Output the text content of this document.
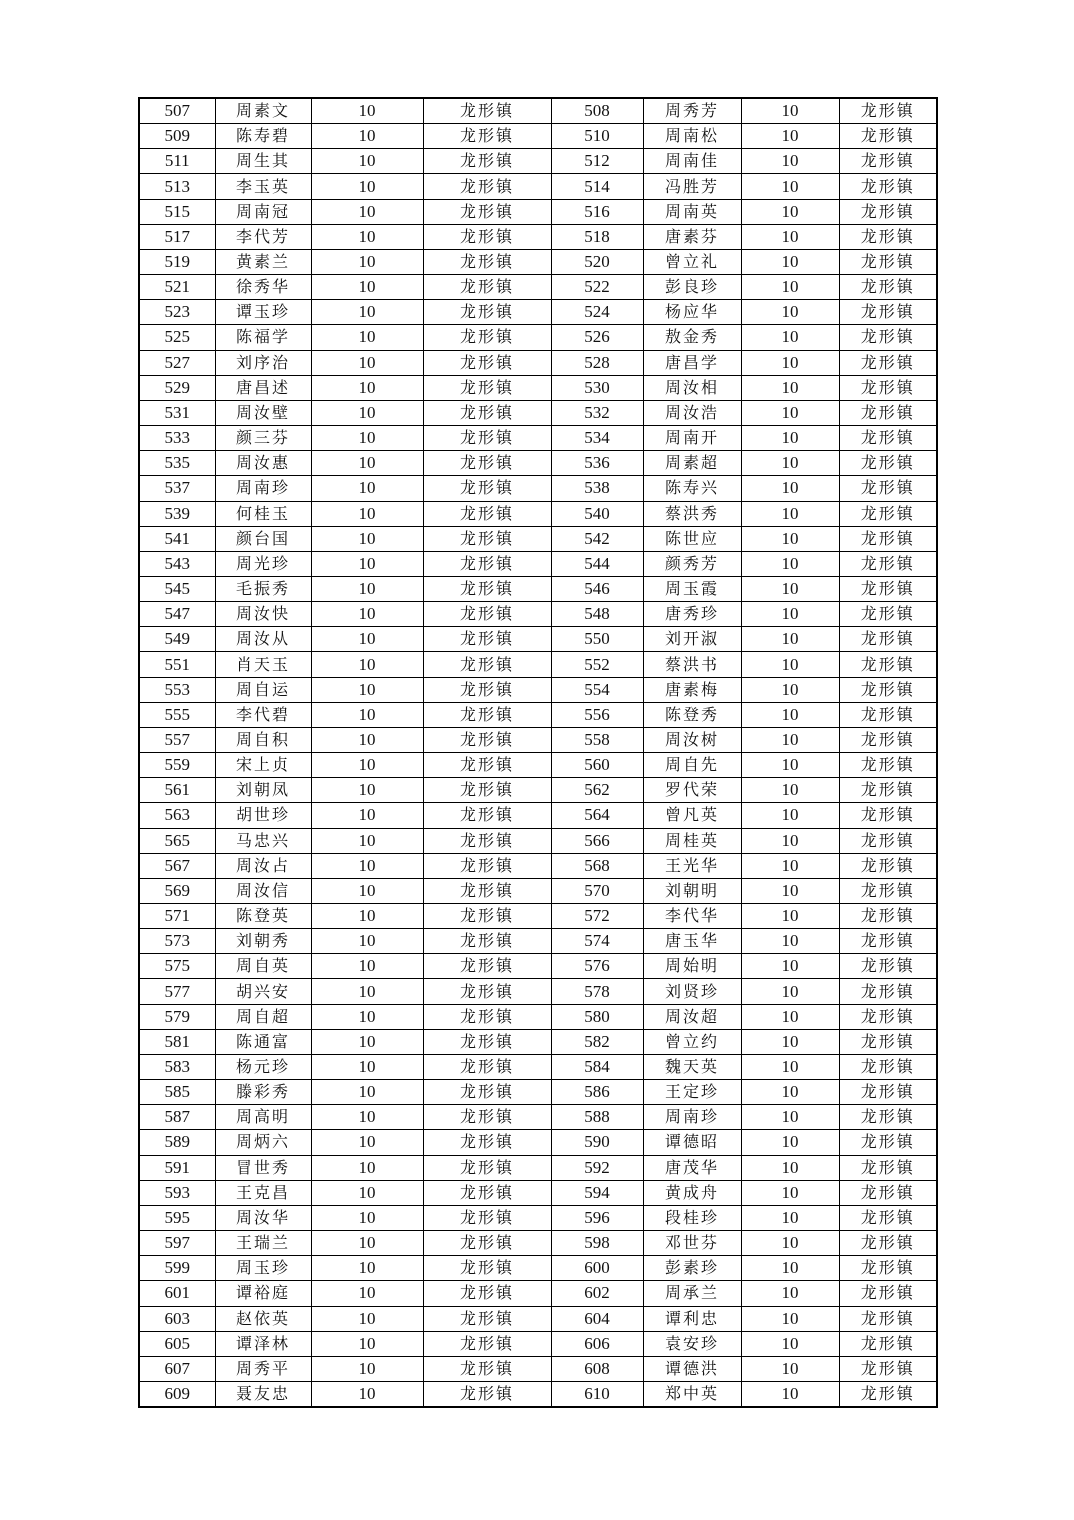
507	周素文	10	龙形镇	508	周秀芳	10	龙形镇
509	陈寿碧	10	龙形镇	510	周南松	10	龙形镇
511	周生其	10	龙形镇	512	周南佳	10	龙形镇
513	李玉英	10	龙形镇	514	冯胜芳	10	龙形镇
515	周南冠	10	龙形镇	516	周南英	10	龙形镇
517	李代芳	10	龙形镇	518	唐素芬	10	龙形镇
519	黄素兰	10	龙形镇	520	曾立礼	10	龙形镇
521	徐秀华	10	龙形镇	522	彭良珍	10	龙形镇
523	谭玉珍	10	龙形镇	524	杨应华	10	龙形镇
525	陈福学	10	龙形镇	526	敖金秀	10	龙形镇
527	刘序治	10	龙形镇	528	唐昌学	10	龙形镇
529	唐昌述	10	龙形镇	530	周汝相	10	龙形镇
531	周汝壁	10	龙形镇	532	周汝浩	10	龙形镇
533	颜三芬	10	龙形镇	534	周南开	10	龙形镇
535	周汝惠	10	龙形镇	536	周素超	10	龙形镇
537	周南珍	10	龙形镇	538	陈寿兴	10	龙形镇
539	何桂玉	10	龙形镇	540	蔡洪秀	10	龙形镇
541	颜台国	10	龙形镇	542	陈世应	10	龙形镇
543	周光珍	10	龙形镇	544	颜秀芳	10	龙形镇
545	毛振秀	10	龙形镇	546	周玉霞	10	龙形镇
547	周汝快	10	龙形镇	548	唐秀珍	10	龙形镇
549	周汝从	10	龙形镇	550	刘开淑	10	龙形镇
551	肖天玉	10	龙形镇	552	蔡洪书	10	龙形镇
553	周自运	10	龙形镇	554	唐素梅	10	龙形镇
555	李代碧	10	龙形镇	556	陈登秀	10	龙形镇
557	周自积	10	龙形镇	558	周汝树	10	龙形镇
559	宋上贞	10	龙形镇	560	周自先	10	龙形镇
561	刘朝凤	10	龙形镇	562	罗代荣	10	龙形镇
563	胡世珍	10	龙形镇	564	曾凡英	10	龙形镇
565	马忠兴	10	龙形镇	566	周桂英	10	龙形镇
567	周汝占	10	龙形镇	568	王光华	10	龙形镇
569	周汝信	10	龙形镇	570	刘朝明	10	龙形镇
571	陈登英	10	龙形镇	572	李代华	10	龙形镇
573	刘朝秀	10	龙形镇	574	唐玉华	10	龙形镇
575	周自英	10	龙形镇	576	周始明	10	龙形镇
577	胡兴安	10	龙形镇	578	刘贤珍	10	龙形镇
579	周自超	10	龙形镇	580	周汝超	10	龙形镇
581	陈通富	10	龙形镇	582	曾立约	10	龙形镇
583	杨元珍	10	龙形镇	584	魏天英	10	龙形镇
585	滕彩秀	10	龙形镇	586	王定珍	10	龙形镇
587	周高明	10	龙形镇	588	周南珍	10	龙形镇
589	周炳六	10	龙形镇	590	谭德昭	10	龙形镇
591	冒世秀	10	龙形镇	592	唐茂华	10	龙形镇
593	王克昌	10	龙形镇	594	黄成舟	10	龙形镇
595	周汝华	10	龙形镇	596	段桂珍	10	龙形镇
597	王瑞兰	10	龙形镇	598	邓世芬	10	龙形镇
599	周玉珍	10	龙形镇	600	彭素珍	10	龙形镇
601	谭裕庭	10	龙形镇	602	周承兰	10	龙形镇
603	赵依英	10	龙形镇	604	谭利忠	10	龙形镇
605	谭泽林	10	龙形镇	606	袁安珍	10	龙形镇
607	周秀平	10	龙形镇	608	谭德洪	10	龙形镇
609	聂友忠	10	龙形镇	610	郑中英	10	龙形镇
